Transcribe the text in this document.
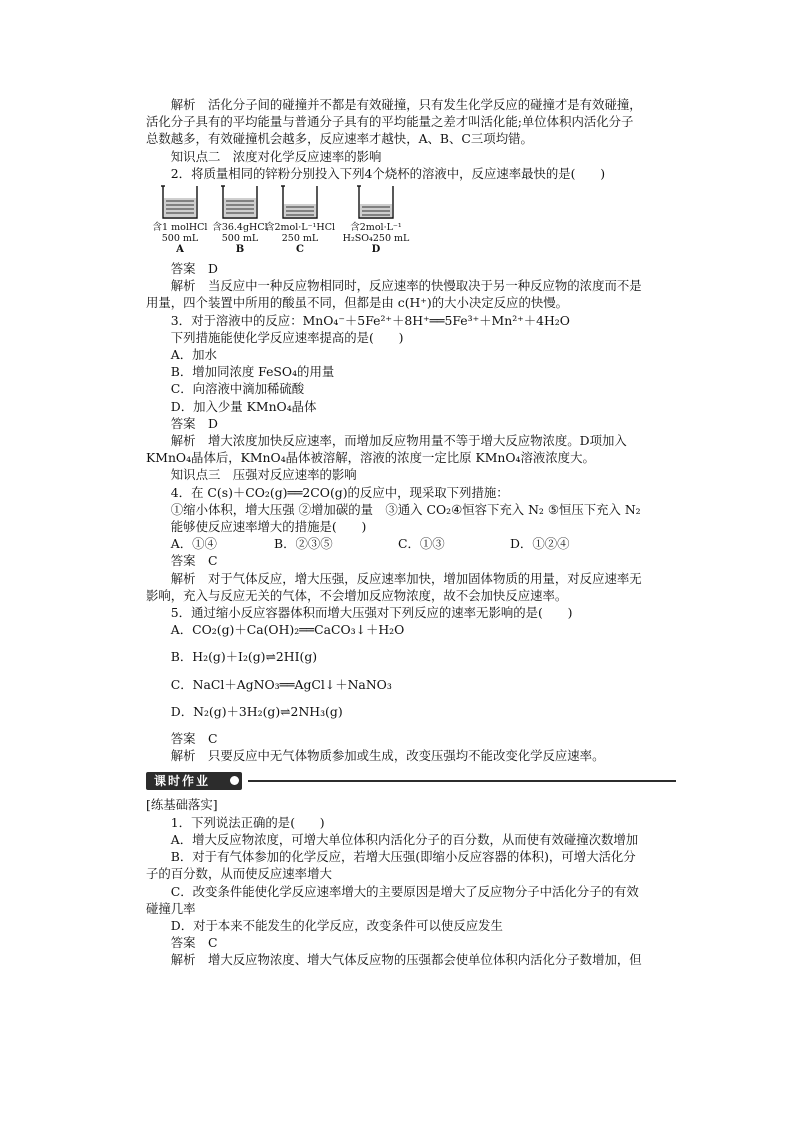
解析　活化分子间的碰撞并不都是有效碰撞，只有发生化学反应的碰撞才是有效碰撞，
活化分子具有的平均能量与普通分子具有的平均能量之差才叫活化能;单位体积内活化分子
总数越多，有效碰撞机会越多，反应速率才越快，A、B、C三项均错。
知识点二　浓度对化学反应速率的影响
2．将质量相同的锌粉分别投入下列4个烧杯的溶液中，反应速率最快的是(　　)
含1 molHCl
500 mL
A
含36.4gHCl
500 mL
B
含2mol·L⁻¹HCl
250 mL
C
含2mol·L⁻¹
H₂SO₄250 mL
D
答案　D
解析　当反应中一种反应物相同时，反应速率的快慢取决于另一种反应物的浓度而不是
用量，四个装置中所用的酸虽不同，但都是由 c(H⁺)的大小决定反应的快慢。
3．对于溶液中的反应：MnO₄⁻＋5Fe²⁺＋8H⁺══5Fe³⁺＋Mn²⁺＋4H₂O
下列措施能使化学反应速率提高的是(　　)
A．加水
B．增加同浓度 FeSO₄的用量
C．向溶液中滴加稀硫酸
D．加入少量 KMnO₄晶体
答案　D
解析　增大浓度加快反应速率，而增加反应物用量不等于增大反应物浓度。D项加入
KMnO₄晶体后，KMnO₄晶体被溶解，溶液的浓度一定比原 KMnO₄溶液浓度大。
知识点三　压强对反应速率的影响
4．在 C(s)＋CO₂(g)══2CO(g)的反应中，现采取下列措施：
①缩小体积，增大压强 ②增加碳的量　③通入 CO₂④恒容下充入 N₂ ⑤恒压下充入 N₂
能够使反应速率增大的措施是(　　)
A．①④	B．②③⑤	C．①③	D．①②④
答案　C
解析　对于气体反应，增大压强，反应速率加快，增加固体物质的用量，对反应速率无
影响，充入与反应无关的气体，不会增加反应物浓度，故不会加快反应速率。
5．通过缩小反应容器体积而增大压强对下列反应的速率无影响的是(　　)
A．CO₂(g)＋Ca(OH)₂══CaCO₃↓＋H₂O
B．H₂(g)＋I₂(g)⇌2HI(g)
C．NaCl＋AgNO₃══AgCl↓＋NaNO₃
D．N₂(g)＋3H₂(g)⇌2NH₃(g)
答案　C
解析　只要反应中无气体物质参加或生成，改变压强均不能改变化学反应速率。
课时作业
[练基础落实]
1．下列说法正确的是(　　)
A．增大反应物浓度，可增大单位体积内活化分子的百分数，从而使有效碰撞次数增加
B．对于有气体参加的化学反应，若增大压强(即缩小反应容器的体积)，可增大活化分
子的百分数，从而使反应速率增大
C．改变条件能使化学反应速率增大的主要原因是增大了反应物分子中活化分子的有效
碰撞几率
D．对于本来不能发生的化学反应，改变条件可以使反应发生
答案　C
解析　增大反应物浓度、增大气体反应物的压强都会使单位体积内活化分子数增加，但
